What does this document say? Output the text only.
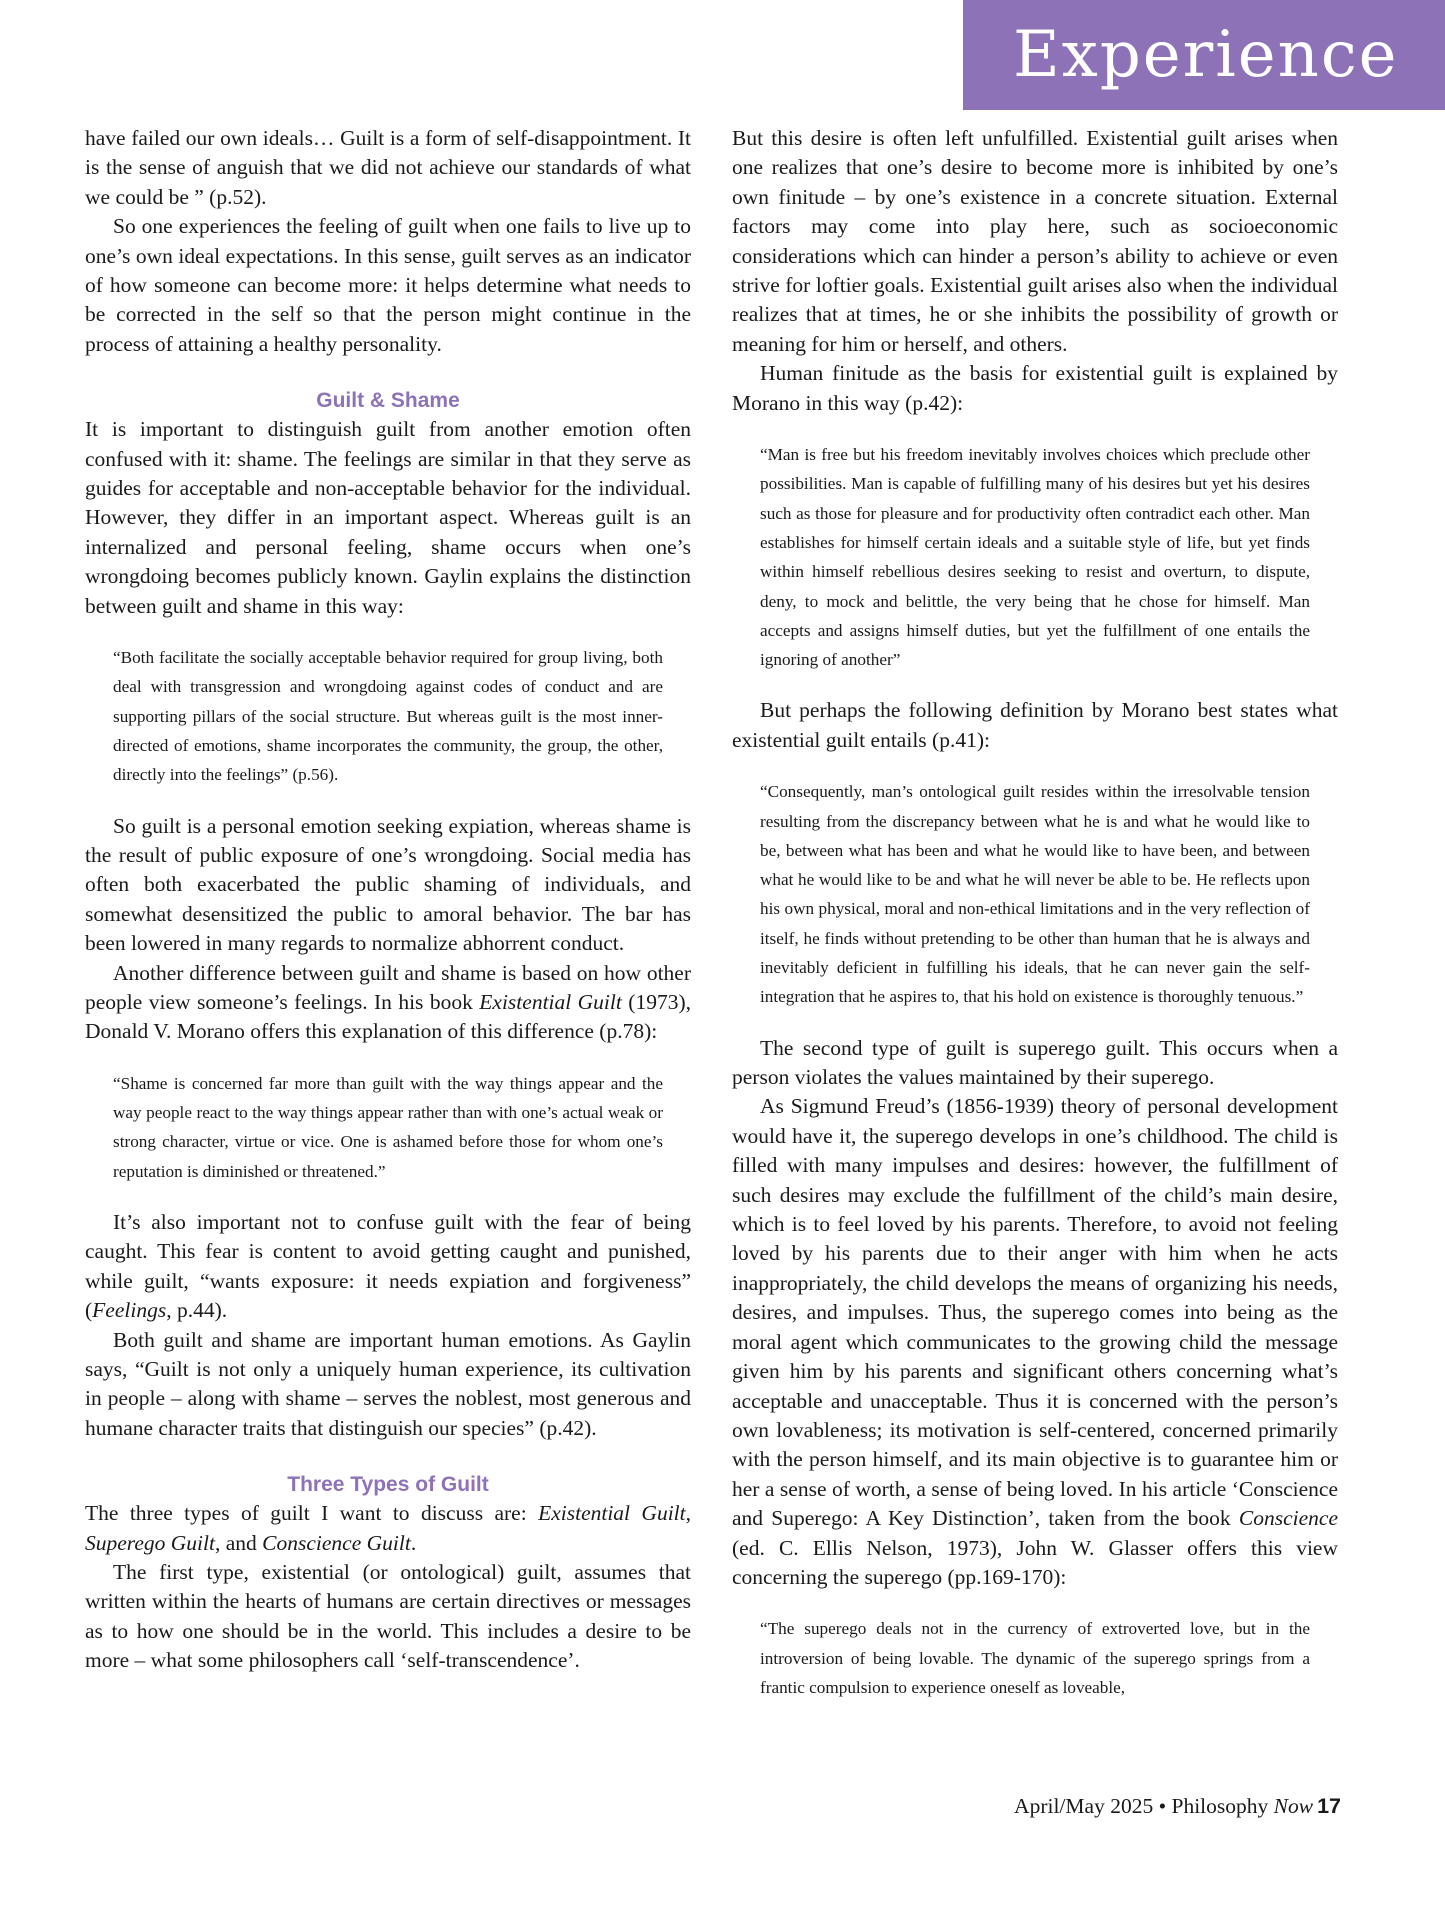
Experience

have failed our own ideals… Guilt is a form of self-disappointment. It is the sense of anguish that we did not achieve our standards of what we could be ” (p.52).

So one experiences the feeling of guilt when one fails to live up to one’s own ideal expectations. In this sense, guilt serves as an indicator of how someone can become more: it helps determine what needs to be corrected in the self so that the person might continue in the process of attaining a healthy personality.

Guilt & Shame

It is important to distinguish guilt from another emotion often confused with it: shame. The feelings are similar in that they serve as guides for acceptable and non-acceptable behavior for the individual. However, they differ in an important aspect. Whereas guilt is an internalized and personal feeling, shame occurs when one’s wrongdoing becomes publicly known. Gaylin explains the distinction between guilt and shame in this way:

“Both facilitate the socially acceptable behavior required for group living, both deal with transgression and wrongdoing against codes of conduct and are supporting pillars of the social structure. But whereas guilt is the most inner-directed of emotions, shame incorporates the community, the group, the other, directly into the feelings” (p.56).

So guilt is a personal emotion seeking expiation, whereas shame is the result of public exposure of one’s wrongdoing. Social media has often both exacerbated the public shaming of individuals, and somewhat desensitized the public to amoral behavior. The bar has been lowered in many regards to normalize abhorrent conduct.

Another difference between guilt and shame is based on how other people view someone’s feelings. In his book Existential Guilt (1973), Donald V. Morano offers this explanation of this difference (p.78):

“Shame is concerned far more than guilt with the way things appear and the way people react to the way things appear rather than with one’s actual weak or strong character, virtue or vice. One is ashamed before those for whom one’s reputation is diminished or threatened.”

It’s also important not to confuse guilt with the fear of being caught. This fear is content to avoid getting caught and punished, while guilt, “wants exposure: it needs expiation and forgiveness” (Feelings, p.44).

Both guilt and shame are important human emotions. As Gaylin says, “Guilt is not only a uniquely human experience, its cultivation in people – along with shame – serves the noblest, most generous and humane character traits that distinguish our species” (p.42).

Three Types of Guilt

The three types of guilt I want to discuss are: Existential Guilt, Superego Guilt, and Conscience Guilt.

The first type, existential (or ontological) guilt, assumes that written within the hearts of humans are certain directives or messages as to how one should be in the world. This includes a desire to be more – what some philosophers call ‘self-transcendence’.

But this desire is often left unfulfilled. Existential guilt arises when one realizes that one’s desire to become more is inhibited by one’s own finitude – by one’s existence in a concrete situation. External factors may come into play here, such as socioeconomic considerations which can hinder a person’s ability to achieve or even strive for loftier goals. Existential guilt arises also when the individual realizes that at times, he or she inhibits the possibility of growth or meaning for him or herself, and others.

Human finitude as the basis for existential guilt is explained by Morano in this way (p.42):

“Man is free but his freedom inevitably involves choices which preclude other possibilities. Man is capable of fulfilling many of his desires but yet his desires such as those for pleasure and for productivity often contradict each other. Man establishes for himself certain ideals and a suitable style of life, but yet finds within himself rebellious desires seeking to resist and overturn, to dispute, deny, to mock and belittle, the very being that he chose for himself. Man accepts and assigns himself duties, but yet the fulfillment of one entails the ignoring of another”

But perhaps the following definition by Morano best states what existential guilt entails (p.41):

“Consequently, man’s ontological guilt resides within the irresolvable tension resulting from the discrepancy between what he is and what he would like to be, between what has been and what he would like to have been, and between what he would like to be and what he will never be able to be. He reflects upon his own physical, moral and non-ethical limitations and in the very reflection of itself, he finds without pretending to be other than human that he is always and inevitably deficient in fulfilling his ideals, that he can never gain the self-integration that he aspires to, that his hold on existence is thoroughly tenuous.”

The second type of guilt is superego guilt. This occurs when a person violates the values maintained by their superego.

As Sigmund Freud’s (1856-1939) theory of personal development would have it, the superego develops in one’s childhood. The child is filled with many impulses and desires: however, the fulfillment of such desires may exclude the fulfillment of the child’s main desire, which is to feel loved by his parents. Therefore, to avoid not feeling loved by his parents due to their anger with him when he acts inappropriately, the child develops the means of organizing his needs, desires, and impulses. Thus, the superego comes into being as the moral agent which communicates to the growing child the message given him by his parents and significant others concerning what’s acceptable and unacceptable. Thus it is concerned with the person’s own lovableness; its motivation is self-centered, concerned primarily with the person himself, and its main objective is to guarantee him or her a sense of worth, a sense of being loved. In his article ‘Conscience and Superego: A Key Distinction’, taken from the book Conscience (ed. C. Ellis Nelson, 1973), John W. Glasser offers this view concerning the superego (pp.169-170):

“The superego deals not in the currency of extroverted love, but in the introversion of being lovable. The dynamic of the superego springs from a frantic compulsion to experience oneself as loveable,

April/May 2025 • Philosophy Now 17
